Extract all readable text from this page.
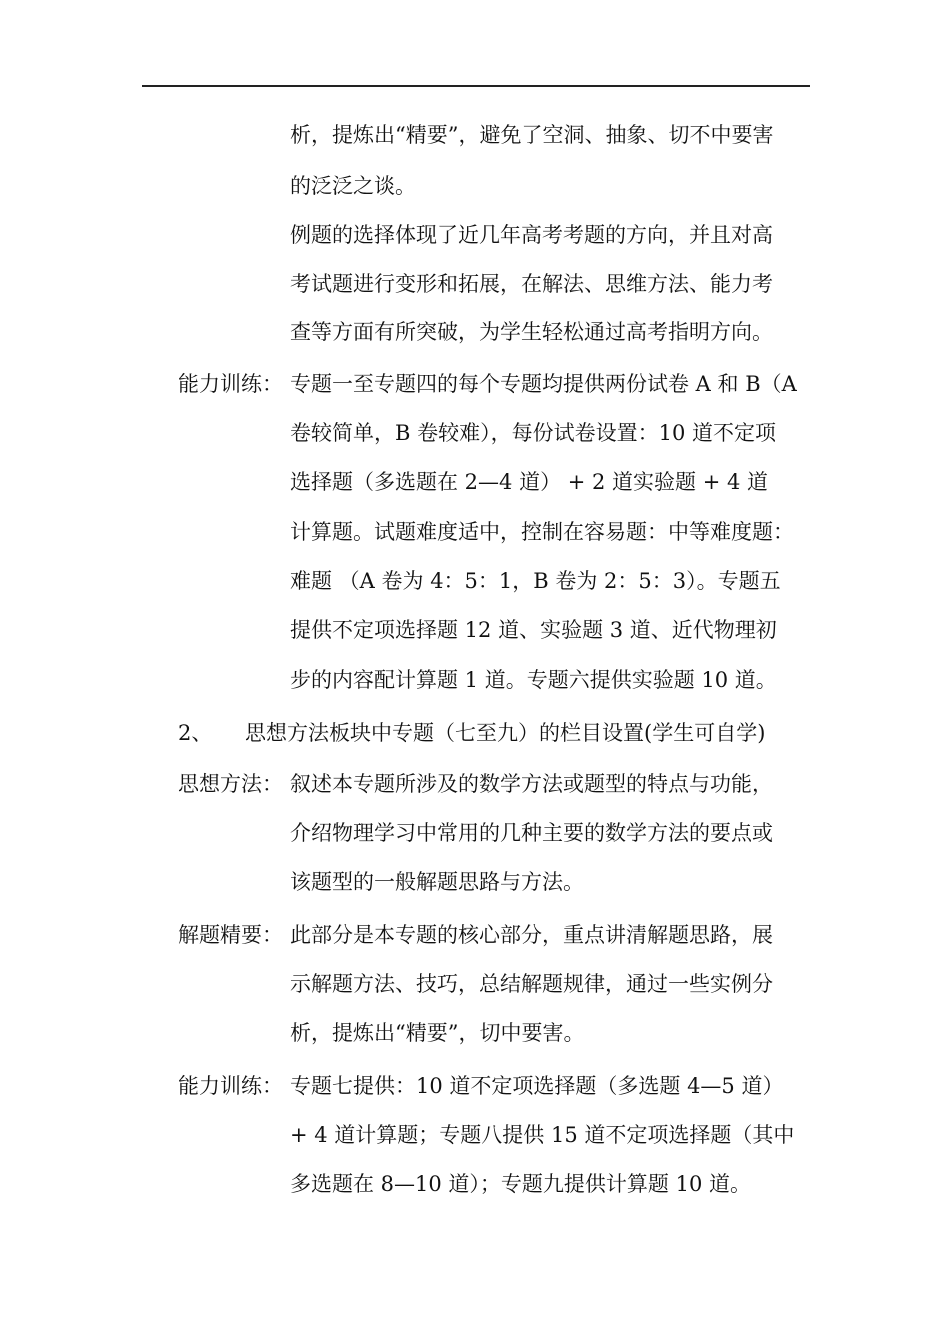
析，提炼出“精要”，避免了空洞、抽象、切不中要害
的泛泛之谈。
例题的选择体现了近几年高考考题的方向，并且对高
考试题进行变形和拓展，在解法、思维方法、能力考
查等方面有所突破，为学生轻松通过高考指明方向。
能力训练： 专题一至专题四的每个专题均提供两份试卷 A 和 B（A
卷较简单，B 卷较难），每份试卷设置：10 道不定项
选择题（多选题在 2—4 道） + 2 道实验题 + 4 道
计算题。试题难度适中，控制在容易题：中等难度题：
难题 （A 卷为 4：5：1，B 卷为 2：5：3）。专题五
提供不定项选择题 12 道、实验题 3 道、近代物理初
步的内容配计算题 1 道。专题六提供实验题 10 道。
2、 思想方法板块中专题（七至九）的栏目设置(学生可自学)
思想方法： 叙述本专题所涉及的数学方法或题型的特点与功能，
介绍物理学习中常用的几种主要的数学方法的要点或
该题型的一般解题思路与方法。
解题精要： 此部分是本专题的核心部分，重点讲清解题思路，展
示解题方法、技巧，总结解题规律，通过一些实例分
析，提炼出“精要”，切中要害。
能力训练： 专题七提供：10 道不定项选择题（多选题 4—5 道）
+ 4 道计算题；专题八提供 15 道不定项选择题（其中
多选题在 8—10 道）；专题九提供计算题 10 道。
